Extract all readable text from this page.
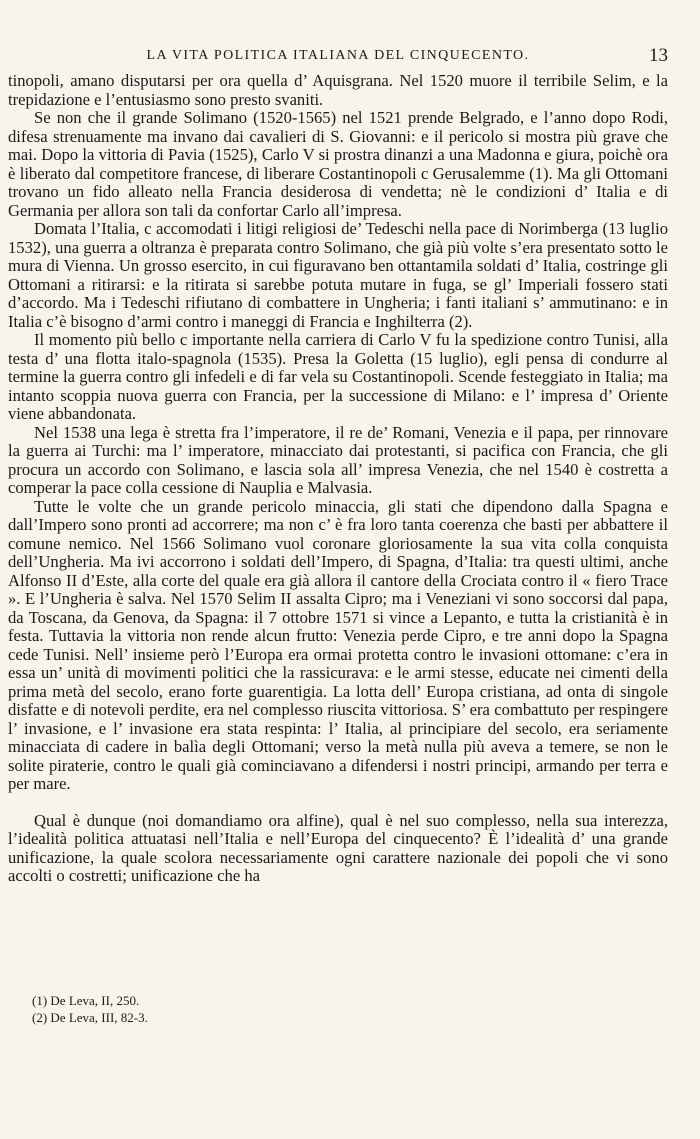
LA VITA POLITICA ITALIANA DEL CINQUECENTO.	13

tinopoli, amano disputarsi per ora quella d’ Aquisgrana. Nel 1520 muore il terribile Selim, e la trepidazione e l’entusiasmo sono presto svaniti.

Se non che il grande Solimano (1520-1565) nel 1521 prende Belgrado, e l’anno dopo Rodi, difesa strenuamente ma invano dai cavalieri di S. Giovanni: e il pericolo si mostra più grave che mai. Dopo la vittoria di Pavia (1525), Carlo V si prostra dinanzi a una Madonna e giura, poichè ora è liberato dal competitore francese, di liberare Costantinopoli c Gerusalemme (1). Ma gli Ottomani trovano un fido alleato nella Francia desiderosa di vendetta; nè le condizioni d’ Italia e di Germania per allora son tali da confortar Carlo all’impresa.

Domata l’Italia, c accomodati i litigi religiosi de’ Tedeschi nella pace di Norimberga (13 luglio 1532), una guerra a oltranza è preparata contro Solimano, che già più volte s’era presentato sotto le mura di Vienna. Un grosso esercito, in cui figuravano ben ottantamila soldati d’ Italia, costringe gli Ottomani a ritirarsi: e la ritirata si sarebbe potuta mutare in fuga, se gl’ Imperiali fossero stati d’accordo. Ma i Tedeschi rifiutano di combattere in Ungheria; i fanti italiani s’ ammutinano: e in Italia c’è bisogno d’armi contro i maneggi di Francia e Inghilterra (2).

Il momento più bello c importante nella carriera di Carlo V fu la spedizione contro Tunisi, alla testa d’ una flotta italo-spagnola (1535). Presa la Goletta (15 luglio), egli pensa di condurre al termine la guerra contro gli infedeli e di far vela su Costantinopoli. Scende festeggiato in Italia; ma intanto scoppia nuova guerra con Francia, per la successione di Milano: e l’ impresa d’ Oriente viene abbandonata.

Nel 1538 una lega è stretta fra l’imperatore, il re de’ Romani, Venezia e il papa, per rinnovare la guerra ai Turchi: ma l’ imperatore, minacciato dai protestanti, si pacifica con Francia, che gli procura un accordo con Solimano, e lascia sola all’ impresa Venezia, che nel 1540 è costretta a comperar la pace colla cessione di Nauplia e Malvasia.

Tutte le volte che un grande pericolo minaccia, gli stati che dipendono dalla Spagna e dall’Impero sono pronti ad accorrere; ma non c’ è fra loro tanta coerenza che basti per abbattere il comune nemico. Nel 1566 Solimano vuol coronare gloriosamente la sua vita colla conquista dell’Ungheria. Ma ivi accorrono i soldati dell’Impero, di Spagna, d’Italia: tra questi ultimi, anche Alfonso II d’Este, alla corte del quale era già allora il cantore della Crociata contro il « fiero Trace ». E l’Ungheria è salva. Nel 1570 Selim II assalta Cipro; ma i Veneziani vi sono soccorsi dal papa, da Toscana, da Genova, da Spagna: il 7 ottobre 1571 si vince a Lepanto, e tutta la cristianità è in festa. Tuttavia la vittoria non rende alcun frutto: Venezia perde Cipro, e tre anni dopo la Spagna cede Tunisi. Nell’ insieme però l’Europa era ormai protetta contro le invasioni ottomane: c’era in essa un’ unità di movimenti politici che la rassicurava: e le armi stesse, educate nei cimenti della prima metà del secolo, erano forte guarentigia. La lotta dell’ Europa cristiana, ad onta di singole disfatte e di notevoli perdite, era nel complesso riuscita vittoriosa. S’ era combattuto per respingere l’ invasione, e l’ invasione era stata respinta: l’ Italia, al principiare del secolo, era seriamente minacciata di cadere in balìa degli Ottomani; verso la metà nulla più aveva a temere, se non le solite piraterie, contro le quali già cominciavano a difendersi i nostri principi, armando per terra e per mare.

Qual è dunque (noi domandiamo ora alfine), qual è nel suo complesso, nella sua interezza, l’idealità politica attuatasi nell’Italia e nell’Europa del cinquecento? È l’idealità d’ una grande unificazione, la quale scolora necessariamente ogni carattere nazionale dei popoli che vi sono accolti o costretti; unificazione che ha

(1) De Leva, II, 250.
(2) De Leva, III, 82-3.
